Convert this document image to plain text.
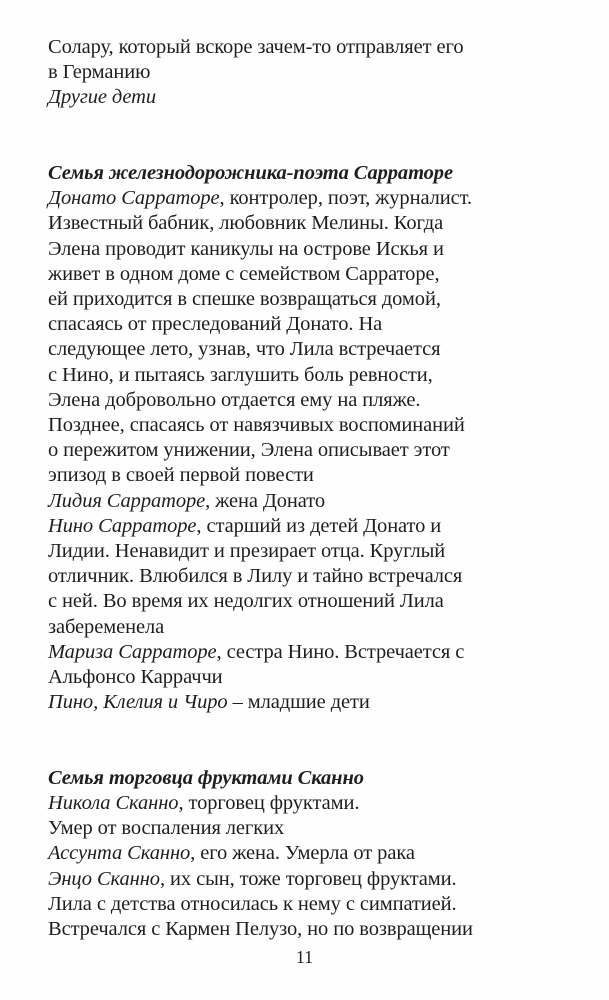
Солару, который вскоре зачем-то отправляет его
в Германию
Другие дети
Семья железнодорожника-поэта Сарраторе
Донато Сарраторе, контролер, поэт, журналист.
Известный бабник, любовник Мелины. Когда
Элена проводит каникулы на острове Искья и
живет в одном доме с семейством Сарраторе,
ей приходится в спешке возвращаться домой,
спасаясь от преследований Донато. На
следующее лето, узнав, что Лила встречается
с Нино, и пытаясь заглушить боль ревности,
Элена добровольно отдается ему на пляже.
Позднее, спасаясь от навязчивых воспоминаний
о пережитом унижении, Элена описывает этот
эпизод в своей первой повести
Лидия Сарраторе, жена Донато
Нино Сарраторе, старший из детей Донато и
Лидии. Ненавидит и презирает отца. Круглый
отличник. Влюбился в Лилу и тайно встречался
с ней. Во время их недолгих отношений Лила
забеременела
Мариза Сарраторе, сестра Нино. Встречается с
Альфонсо Карраччи
Пино, Клелия и Чиро – младшие дети
Семья торговца фруктами Сканно
Никола Сканно, торговец фруктами.
Умер от воспаления легких
Ассунта Сканно, его жена. Умерла от рака
Энцо Сканно, их сын, тоже торговец фруктами.
Лила с детства относилась к нему с симпатией.
Встречался с Кармен Пелузо, но по возвращении
11
